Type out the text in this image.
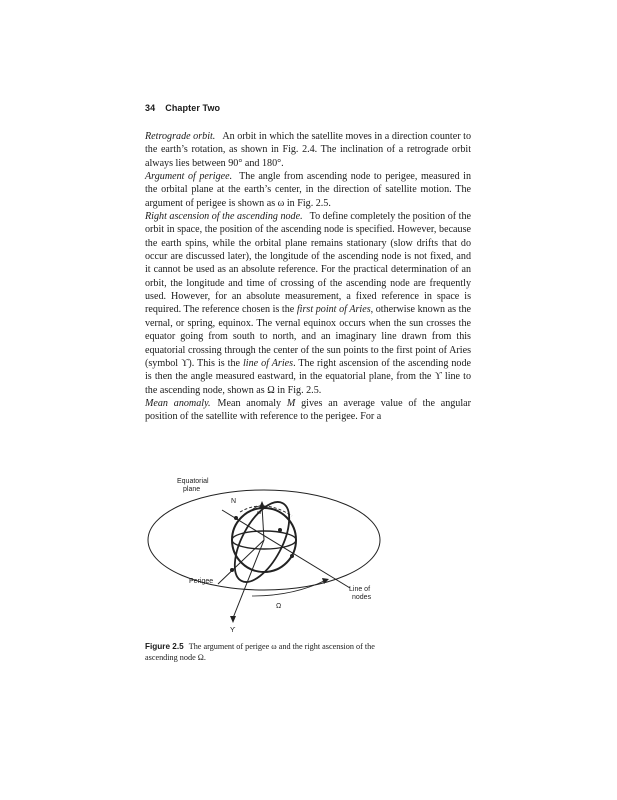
34 Chapter Two

Retrograde orbit. An orbit in which the satellite moves in a direction counter to the earth’s rotation, as shown in Fig. 2.4. The inclination of a retrograde orbit always lies between 90° and 180°.

Argument of perigee. The angle from ascending node to perigee, measured in the orbital plane at the earth’s center, in the direction of satellite motion. The argument of perigee is shown as ω in Fig. 2.5.

Right ascension of the ascending node. To define completely the position of the orbit in space, the position of the ascending node is specified. However, because the earth spins, while the orbital plane remains stationary (slow drifts that do occur are discussed later), the longitude of the ascending node is not fixed, and it cannot be used as an absolute reference. For the practical determination of an orbit, the longitude and time of crossing of the ascending node are frequently used. However, for an absolute measurement, a fixed reference in space is required. The reference chosen is the first point of Aries, otherwise known as the vernal, or spring, equinox. The vernal equinox occurs when the sun crosses the equator going from south to north, and an imaginary line drawn from this equatorial crossing through the center of the sun points to the first point of Aries (symbol ϒ). This is the line of Aries. The right ascension of the ascending node is then the angle measured eastward, in the equatorial plane, from the ϒ line to the ascending node, shown as Ω in Fig. 2.5.

Mean anomaly. Mean anomaly M gives an average value of the angular position of the satellite with reference to the perigee. For a

Equatorial
plane
N
ω
Perigee
Line of
nodes
Ω
ϒ
Figure 2.5 The argument of perigee ω and the right ascension of the ascending node Ω.
